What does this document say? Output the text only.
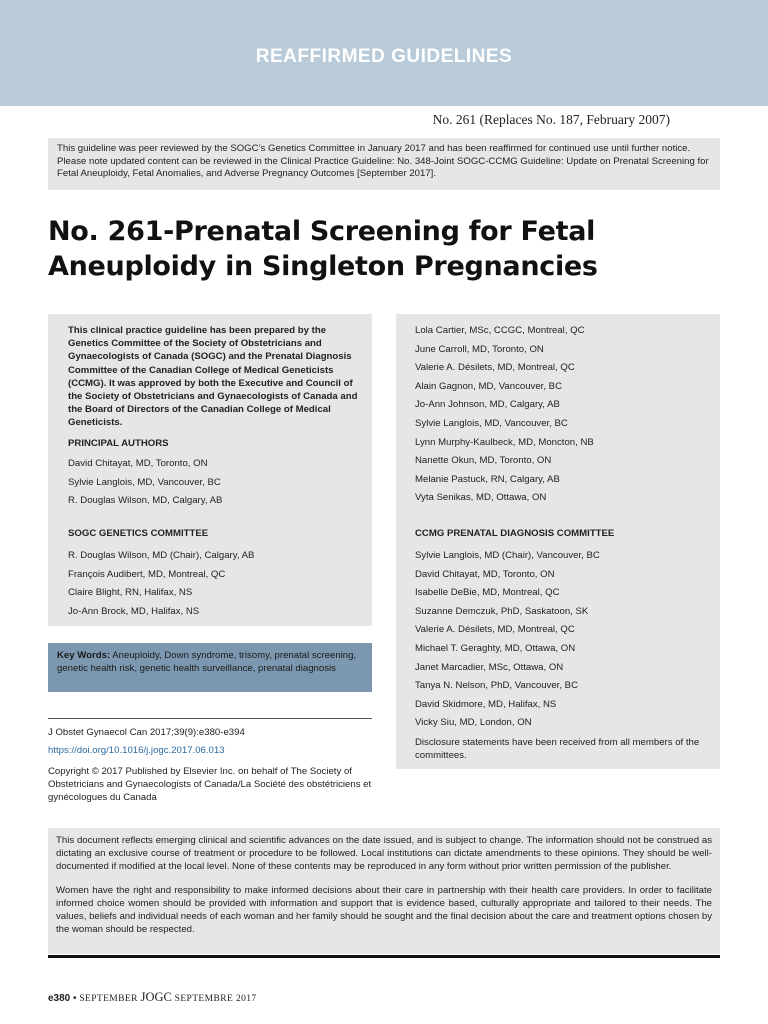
REAFFIRMED GUIDELINES
No. 261 (Replaces No. 187, February 2007)
This guideline was peer reviewed by the SOGC’s Genetics Committee in January 2017 and has been reaffirmed for continued use until further notice. Please note updated content can be reviewed in the Clinical Practice Guideline: No. 348-Joint SOGC-CCMG Guideline: Update on Prenatal Screening for Fetal Aneuploidy, Fetal Anomalies, and Adverse Pregnancy Outcomes [September 2017].
No. 261-Prenatal Screening for Fetal Aneuploidy in Singleton Pregnancies
This clinical practice guideline has been prepared by the Genetics Committee of the Society of Obstetricians and Gynaecologists of Canada (SOGC) and the Prenatal Diagnosis Committee of the Canadian College of Medical Geneticists (CCMG). It was approved by both the Executive and Council of the Society of Obstetricians and Gynaecologists of Canada and the Board of Directors of the Canadian College of Medical Geneticists.
PRINCIPAL AUTHORS
David Chitayat, MD, Toronto, ON
Sylvie Langlois, MD, Vancouver, BC
R. Douglas Wilson, MD, Calgary, AB
SOGC GENETICS COMMITTEE
R. Douglas Wilson, MD (Chair), Calgary, AB
François Audibert, MD, Montreal, QC
Claire Blight, RN, Halifax, NS
Jo-Ann Brock, MD, Halifax, NS
Key Words: Aneuploidy, Down syndrome, trisomy, prenatal screening, genetic health risk, genetic health surveillance, prenatal diagnosis
J Obstet Gynaecol Can 2017;39(9):e380-e394
https://doi.org/10.1016/j.jogc.2017.06.013
Copyright © 2017 Published by Elsevier Inc. on behalf of The Society of Obstetricians and Gynaecologists of Canada/La Société des obstétriciens et gynécologues du Canada
Lola Cartier, MSc, CCGC, Montreal, QC
June Carroll, MD, Toronto, ON
Valerie A. Désilets, MD, Montreal, QC
Alain Gagnon, MD, Vancouver, BC
Jo-Ann Johnson, MD, Calgary, AB
Sylvie Langlois, MD, Vancouver, BC
Lynn Murphy-Kaulbeck, MD, Moncton, NB
Nanette Okun, MD, Toronto, ON
Melanie Pastuck, RN, Calgary, AB
Vyta Senikas, MD, Ottawa, ON
CCMG PRENATAL DIAGNOSIS COMMITTEE
Sylvie Langlois, MD (Chair), Vancouver, BC
David Chitayat, MD, Toronto, ON
Isabelle DeBie, MD, Montreal, QC
Suzanne Demczuk, PhD, Saskatoon, SK
Valerie A. Désilets, MD, Montreal, QC
Michael T. Geraghty, MD, Ottawa, ON
Janet Marcadier, MSc, Ottawa, ON
Tanya N. Nelson, PhD, Vancouver, BC
David Skidmore, MD, Halifax, NS
Vicky Siu, MD, London, ON
Disclosure statements have been received from all members of the committees.

This document reflects emerging clinical and scientific advances on the date issued, and is subject to change. The information should not be construed as dictating an exclusive course of treatment or procedure to be followed. Local institutions can dictate amendments to these opinions. They should be well-documented if modified at the local level. None of these contents may be reproduced in any form without prior written permission of the publisher.

Women have the right and responsibility to make informed decisions about their care in partnership with their health care providers. In order to facilitate informed choice women should be provided with information and support that is evidence based, culturally appropriate and tailored to their needs. The values, beliefs and individual needs of each woman and her family should be sought and the final decision about the care and treatment options chosen by the woman should be respected.

e380 • SEPTEMBER JOGC SEPTEMBRE 2017
